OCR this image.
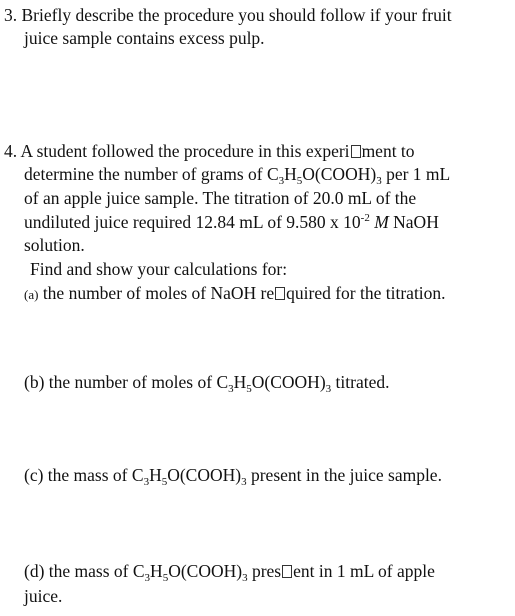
3. Briefly describe the procedure you should follow if your fruit
juice sample contains excess pulp.
4. A student followed the procedure in this experi ment to
determine the number of grams of $C_3H_5O(COOH)_3$ per 1 mL
of an apple juice sample. The titration of 20.0 mL of the
undiluted juice required 12.84 mL of 9.580 x $10^{-2}$ M NaOH
solution.
Find and show your calculations for:
(a) the number of moles of NaOH re quired for the titration.
(b) the number of moles of $C_3H_5O(COOH)_3$ titrated.
(c) the mass of $C_3H_5O(COOH)_3$ present in the juice sample.
(d) the mass of $C_3H_5O(COOH)_3$ pres ent in 1 mL of apple
juice.
